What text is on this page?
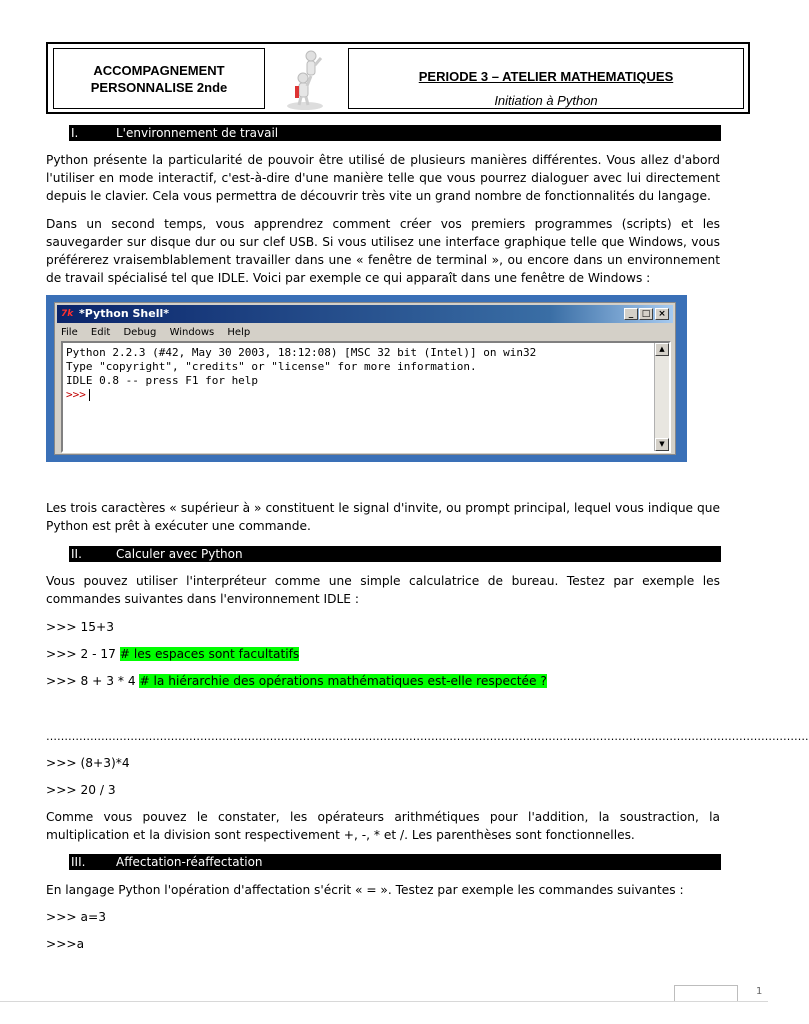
ACCOMPAGNEMENT
PERSONNALISE 2nde
PERIODE 3 – ATELIER MATHEMATIQUES
Initiation à Python
I.	L'environnement de travail
Python présente la particularité de pouvoir être utilisé de plusieurs manières différentes. Vous allez d'abord l'utiliser en mode interactif, c'est-à-dire d'une manière telle que vous pourrez dialoguer avec lui directement depuis le clavier. Cela vous permettra de découvrir très vite un grand nombre de fonctionnalités du langage.
Dans un second temps, vous apprendrez comment créer vos premiers programmes (scripts) et les sauvegarder sur disque dur ou sur clef USB. Si vous utilisez une interface graphique telle que Windows, vous préférerez vraisemblablement travailler dans une « fenêtre de terminal », ou encore dans un environnement de travail spécialisé tel que IDLE. Voici par exemple ce qui apparaît dans une fenêtre de Windows :
7k *Python Shell*	_ □ ×
File Edit Debug Windows Help
Python 2.2.3 (#42, May 30 2003, 18:12:08) [MSC 32 bit (Intel)] on win32
Type "copyright", "credits" or "license" for more information.
IDLE 0.8 -- press F1 for help
>>>
▲
▼
Les trois caractères « supérieur à » constituent le signal d'invite, ou prompt principal, lequel vous indique que Python est prêt à exécuter une commande.
II.	Calculer avec Python
Vous pouvez utiliser l'interpréteur comme une simple calculatrice de bureau. Testez par exemple les commandes suivantes dans l'environnement IDLE :
>>> 15+3
>>> 2 - 17 # les espaces sont facultatifs
>>> 8 + 3 * 4 # la hiérarchie des opérations mathématiques est-elle respectée ?
……………………………………………………………………………………………………………………………………………………………………………………….
>>> (8+3)*4
>>> 20 / 3
Comme vous pouvez le constater, les opérateurs arithmétiques pour l'addition, la soustraction, la multiplication et la division sont respectivement +, -, * et /. Les parenthèses sont fonctionnelles.
III.	Affectation-réaffectation
En langage Python l'opération d'affectation s'écrit « = ». Testez par exemple les commandes suivantes :
>>> a=3
>>>a
1
